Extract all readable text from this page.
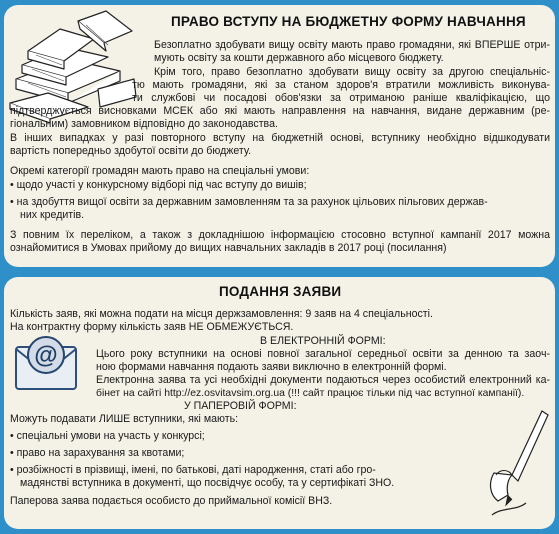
ПРАВО ВСТУПУ НА БЮДЖЕТНУ ФОРМУ НАВЧАННЯ
Безоплатно здобувати вищу освіту мають право громадяни, які ВПЕРШЕ отри-
мують освіту за кошти державного або місцевого бюджету.
Крім того, право безоплатно здобувати вищу освіту за другою спеціальніс-
тю мають громадяни, які за станом здоров'я втратили можливість виконува-
ти службові чи посадові обов'язки за отриманою раніше кваліфікацією, що
підтверджується висновками МСЕК або які мають направлення на навчання, видане державним (ре-
гіональним) замовником відповідно до законодавства.
В інших випадках у разі повторного вступу на бюджетній основі, вступнику необхідно відшкодувати
вартість попередньо здобутої освіти до бюджету.
Окремі категорії громадян мають право на спеціальні умови:
• щодо участі у конкурсному відборі під час вступу до вишів;
• на здобуття вищої освіти за державним замовленням та за рахунок цільових пільгових держав-
них кредитів.
З повним їх переліком, а також з докладнішою інформацією стосовно вступної кампанії 2017 можна
ознайомитися в Умовах прийому до вищих навчальних закладів в 2017 році (посилання)
ПОДАННЯ ЗАЯВИ
Кількість заяв, які можна подати на місця держзамовлення: 9 заяв на 4 спеціальності.
На контрактну форму кількість заяв НЕ ОБМЕЖУЄТЬСЯ.
@
В ЕЛЕКТРОННІЙ ФОРМІ:
Цього року вступники на основі повної загальної середньої освіти за денною та заоч-
ною формами навчання подають заяви виключно в електронній формі.
Електронна заява та усі необхідні документи подаються через особистий електронний ка-
бінет на сайті http://ez.osvitavsim.org.ua (!!! сайт працює тільки під час вступної кампанії).
У ПАПЕРОВІЙ ФОРМІ:
Можуть подавати ЛИШЕ вступники, які мають:
• спеціальні умови на участь у конкурсі;
• право на зарахування за квотами;
• розбіжності в прізвищі, імені, по батькові, даті народження, статі або гро-
мадянстві вступника в документі, що посвідчує особу, та у сертифікаті ЗНО.
Паперова заява подається особисто до приймальної комісії ВНЗ.
